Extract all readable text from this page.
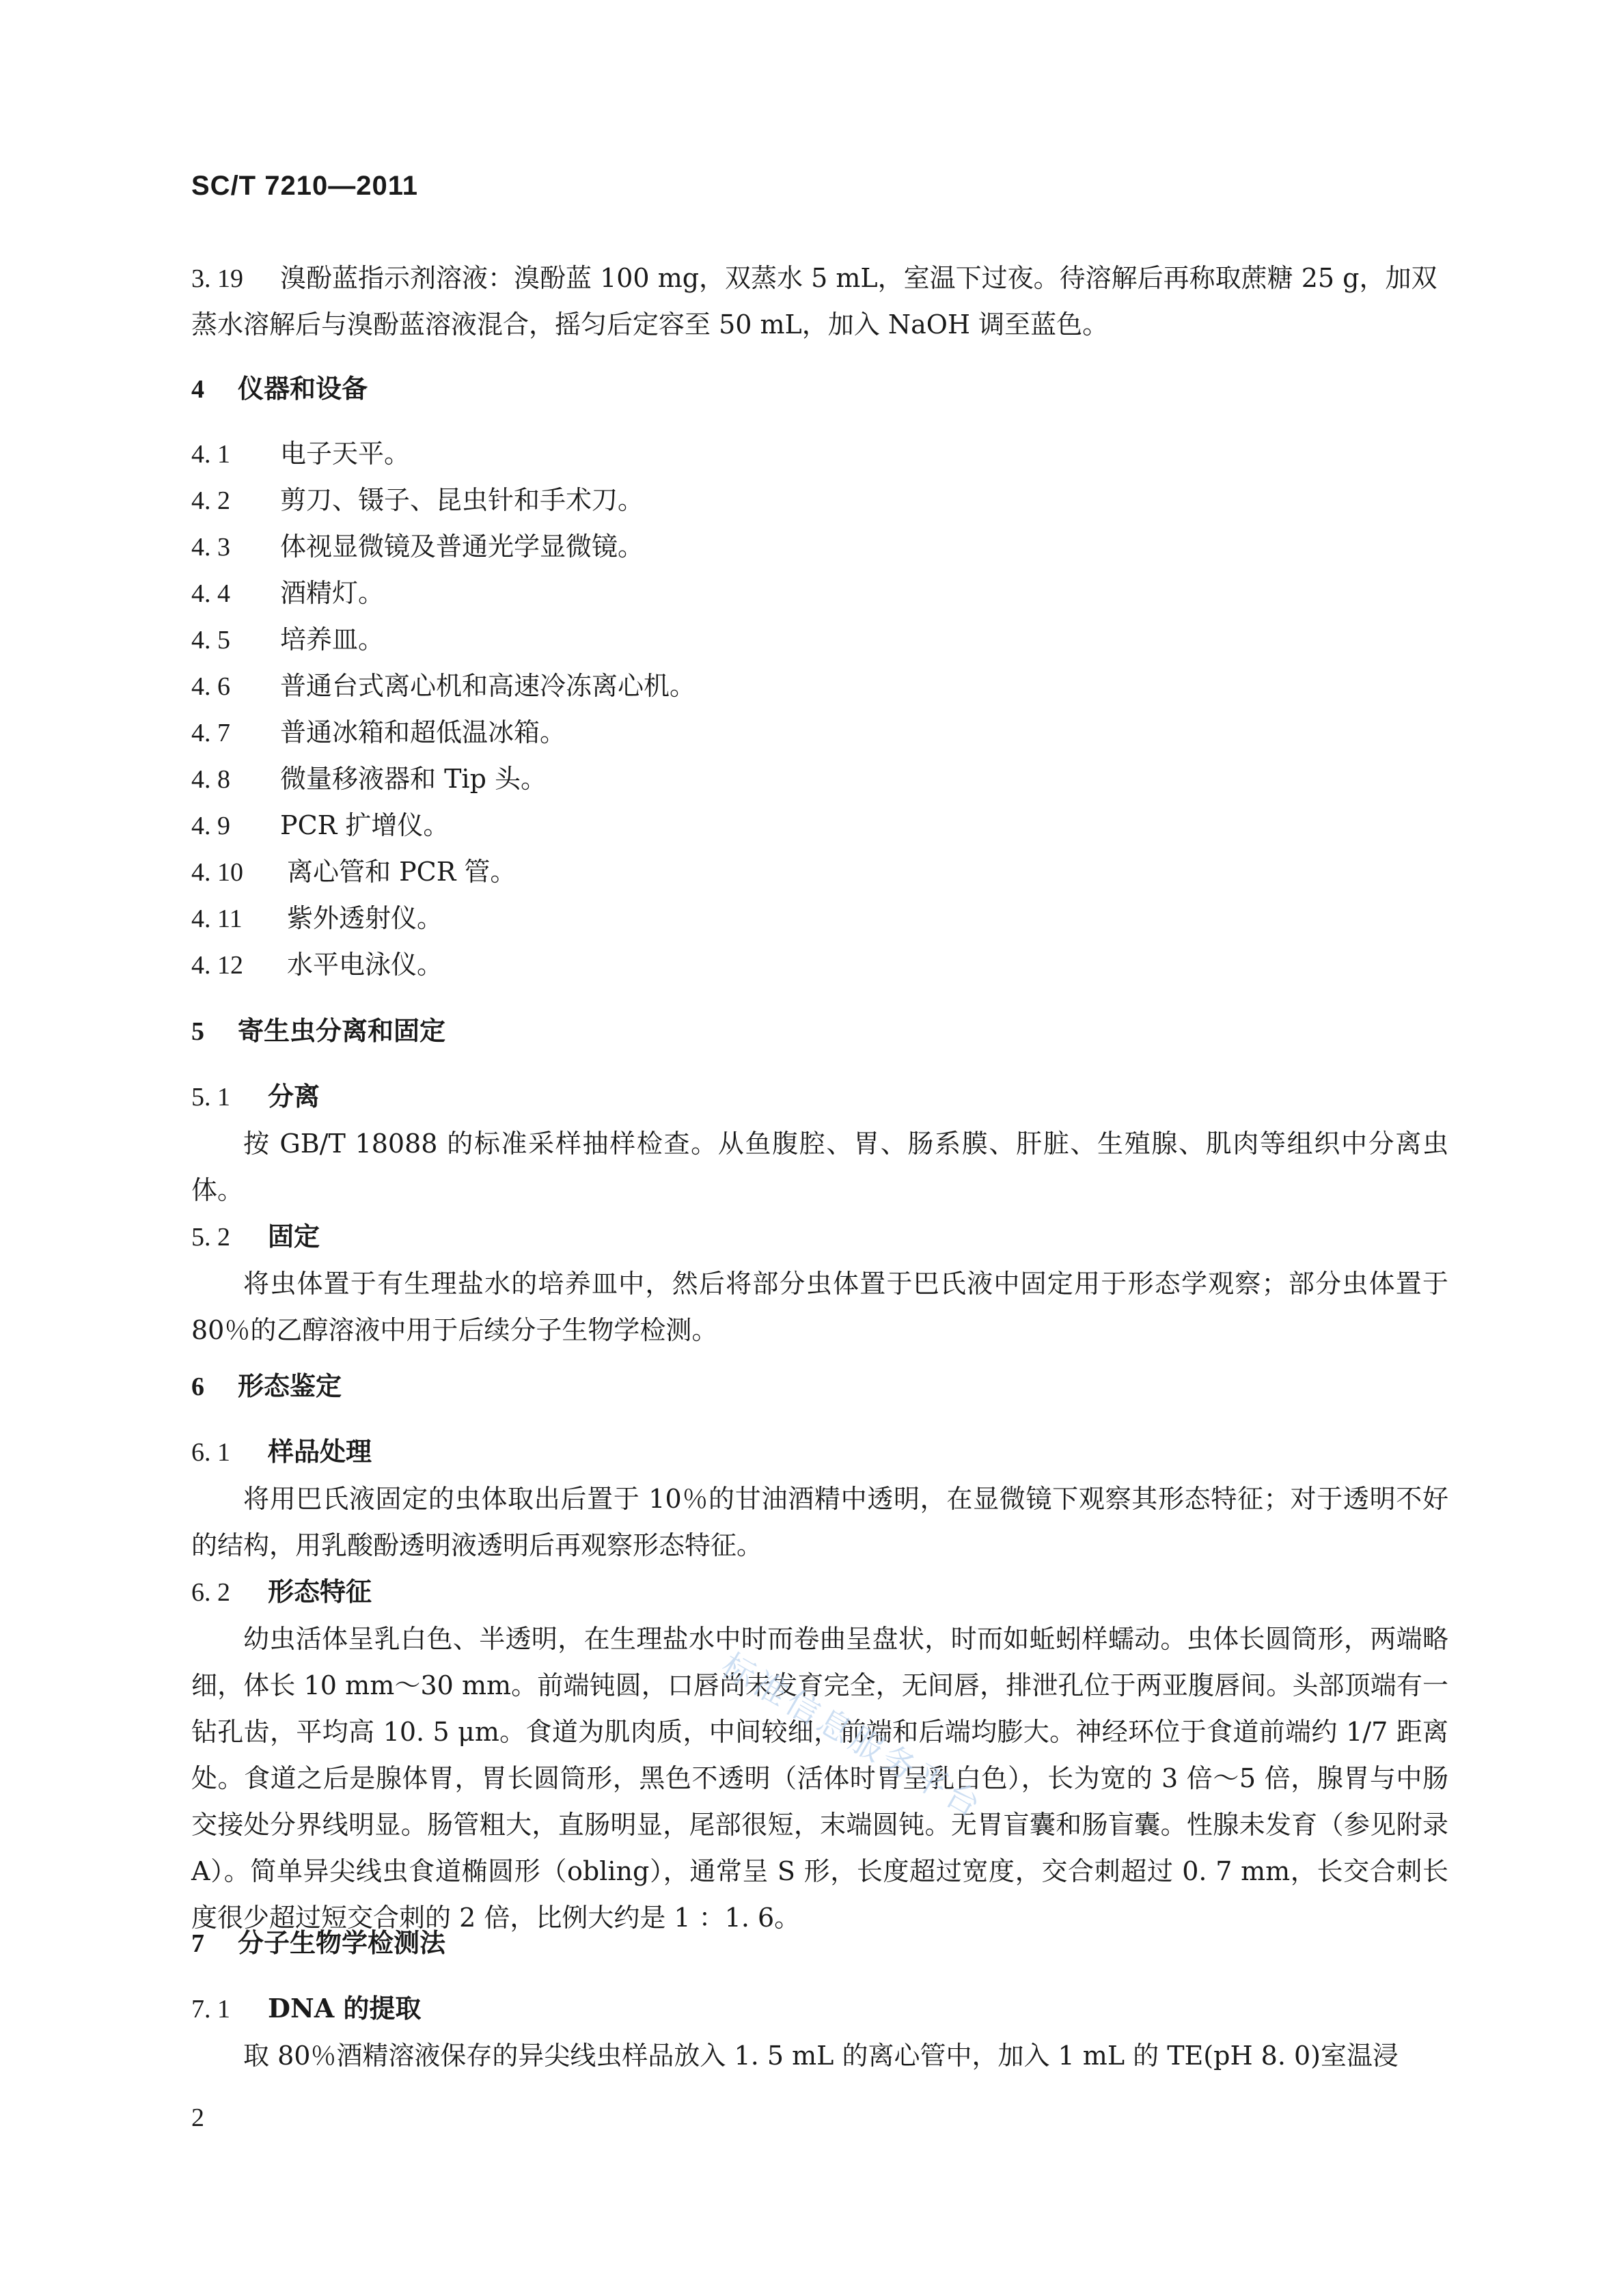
SC/T 7210—2011
3. 19 溴酚蓝指示剂溶液：溴酚蓝 100 mg，双蒸水 5 mL，室温下过夜。待溶解后再称取蔗糖 25 g，加双
蒸水溶解后与溴酚蓝溶液混合，摇匀后定容至 50 mL，加入 NaOH 调至蓝色。
4 仪器和设备
4. 1 电子天平。
4. 2 剪刀、镊子、昆虫针和手术刀。
4. 3 体视显微镜及普通光学显微镜。
4. 4 酒精灯。
4. 5 培养皿。
4. 6 普通台式离心机和高速冷冻离心机。
4. 7 普通冰箱和超低温冰箱。
4. 8 微量移液器和 Tip 头。
4. 9 PCR 扩增仪。
4. 10 离心管和 PCR 管。
4. 11 紫外透射仪。
4. 12 水平电泳仪。
5 寄生虫分离和固定
5. 1 分离
按 GB/T 18088 的标准采样抽样检查。从鱼腹腔、胃、肠系膜、肝脏、生殖腺、肌肉等组织中分离虫体。
5. 2 固定
将虫体置于有生理盐水的培养皿中，然后将部分虫体置于巴氏液中固定用于形态学观察；部分虫体置于 80％的乙醇溶液中用于后续分子生物学检测。
6 形态鉴定
6. 1 样品处理
将用巴氏液固定的虫体取出后置于 10％的甘油酒精中透明，在显微镜下观察其形态特征；对于透明不好的结构，用乳酸酚透明液透明后再观察形态特征。
6. 2 形态特征
幼虫活体呈乳白色、半透明，在生理盐水中时而卷曲呈盘状，时而如蚯蚓样蠕动。虫体长圆筒形，两端略细，体长 10 mm～30 mm。前端钝圆，口唇尚未发育完全，无间唇，排泄孔位于两亚腹唇间。头部顶端有一钻孔齿，平均高 10. 5 μm。食道为肌肉质，中间较细，前端和后端均膨大。神经环位于食道前端约 1/7 距离处。食道之后是腺体胃，胃长圆筒形，黑色不透明（活体时胃呈乳白色），长为宽的 3 倍～5 倍，腺胃与中肠交接处分界线明显。肠管粗大，直肠明显，尾部很短，末端圆钝。无胃盲囊和肠盲囊。性腺未发育（参见附录 A）。简单异尖线虫食道椭圆形（obling），通常呈 S 形，长度超过宽度，交合刺超过 0. 7 mm，长交合刺长度很少超过短交合刺的 2 倍，比例大约是 1 ：1. 6。
7 分子生物学检测法
7. 1 DNA 的提取
取 80％酒精溶液保存的异尖线虫样品放入 1. 5 mL 的离心管中，加入 1 mL 的 TE(pH 8. 0)室温浸
2
标准信息服务平台
